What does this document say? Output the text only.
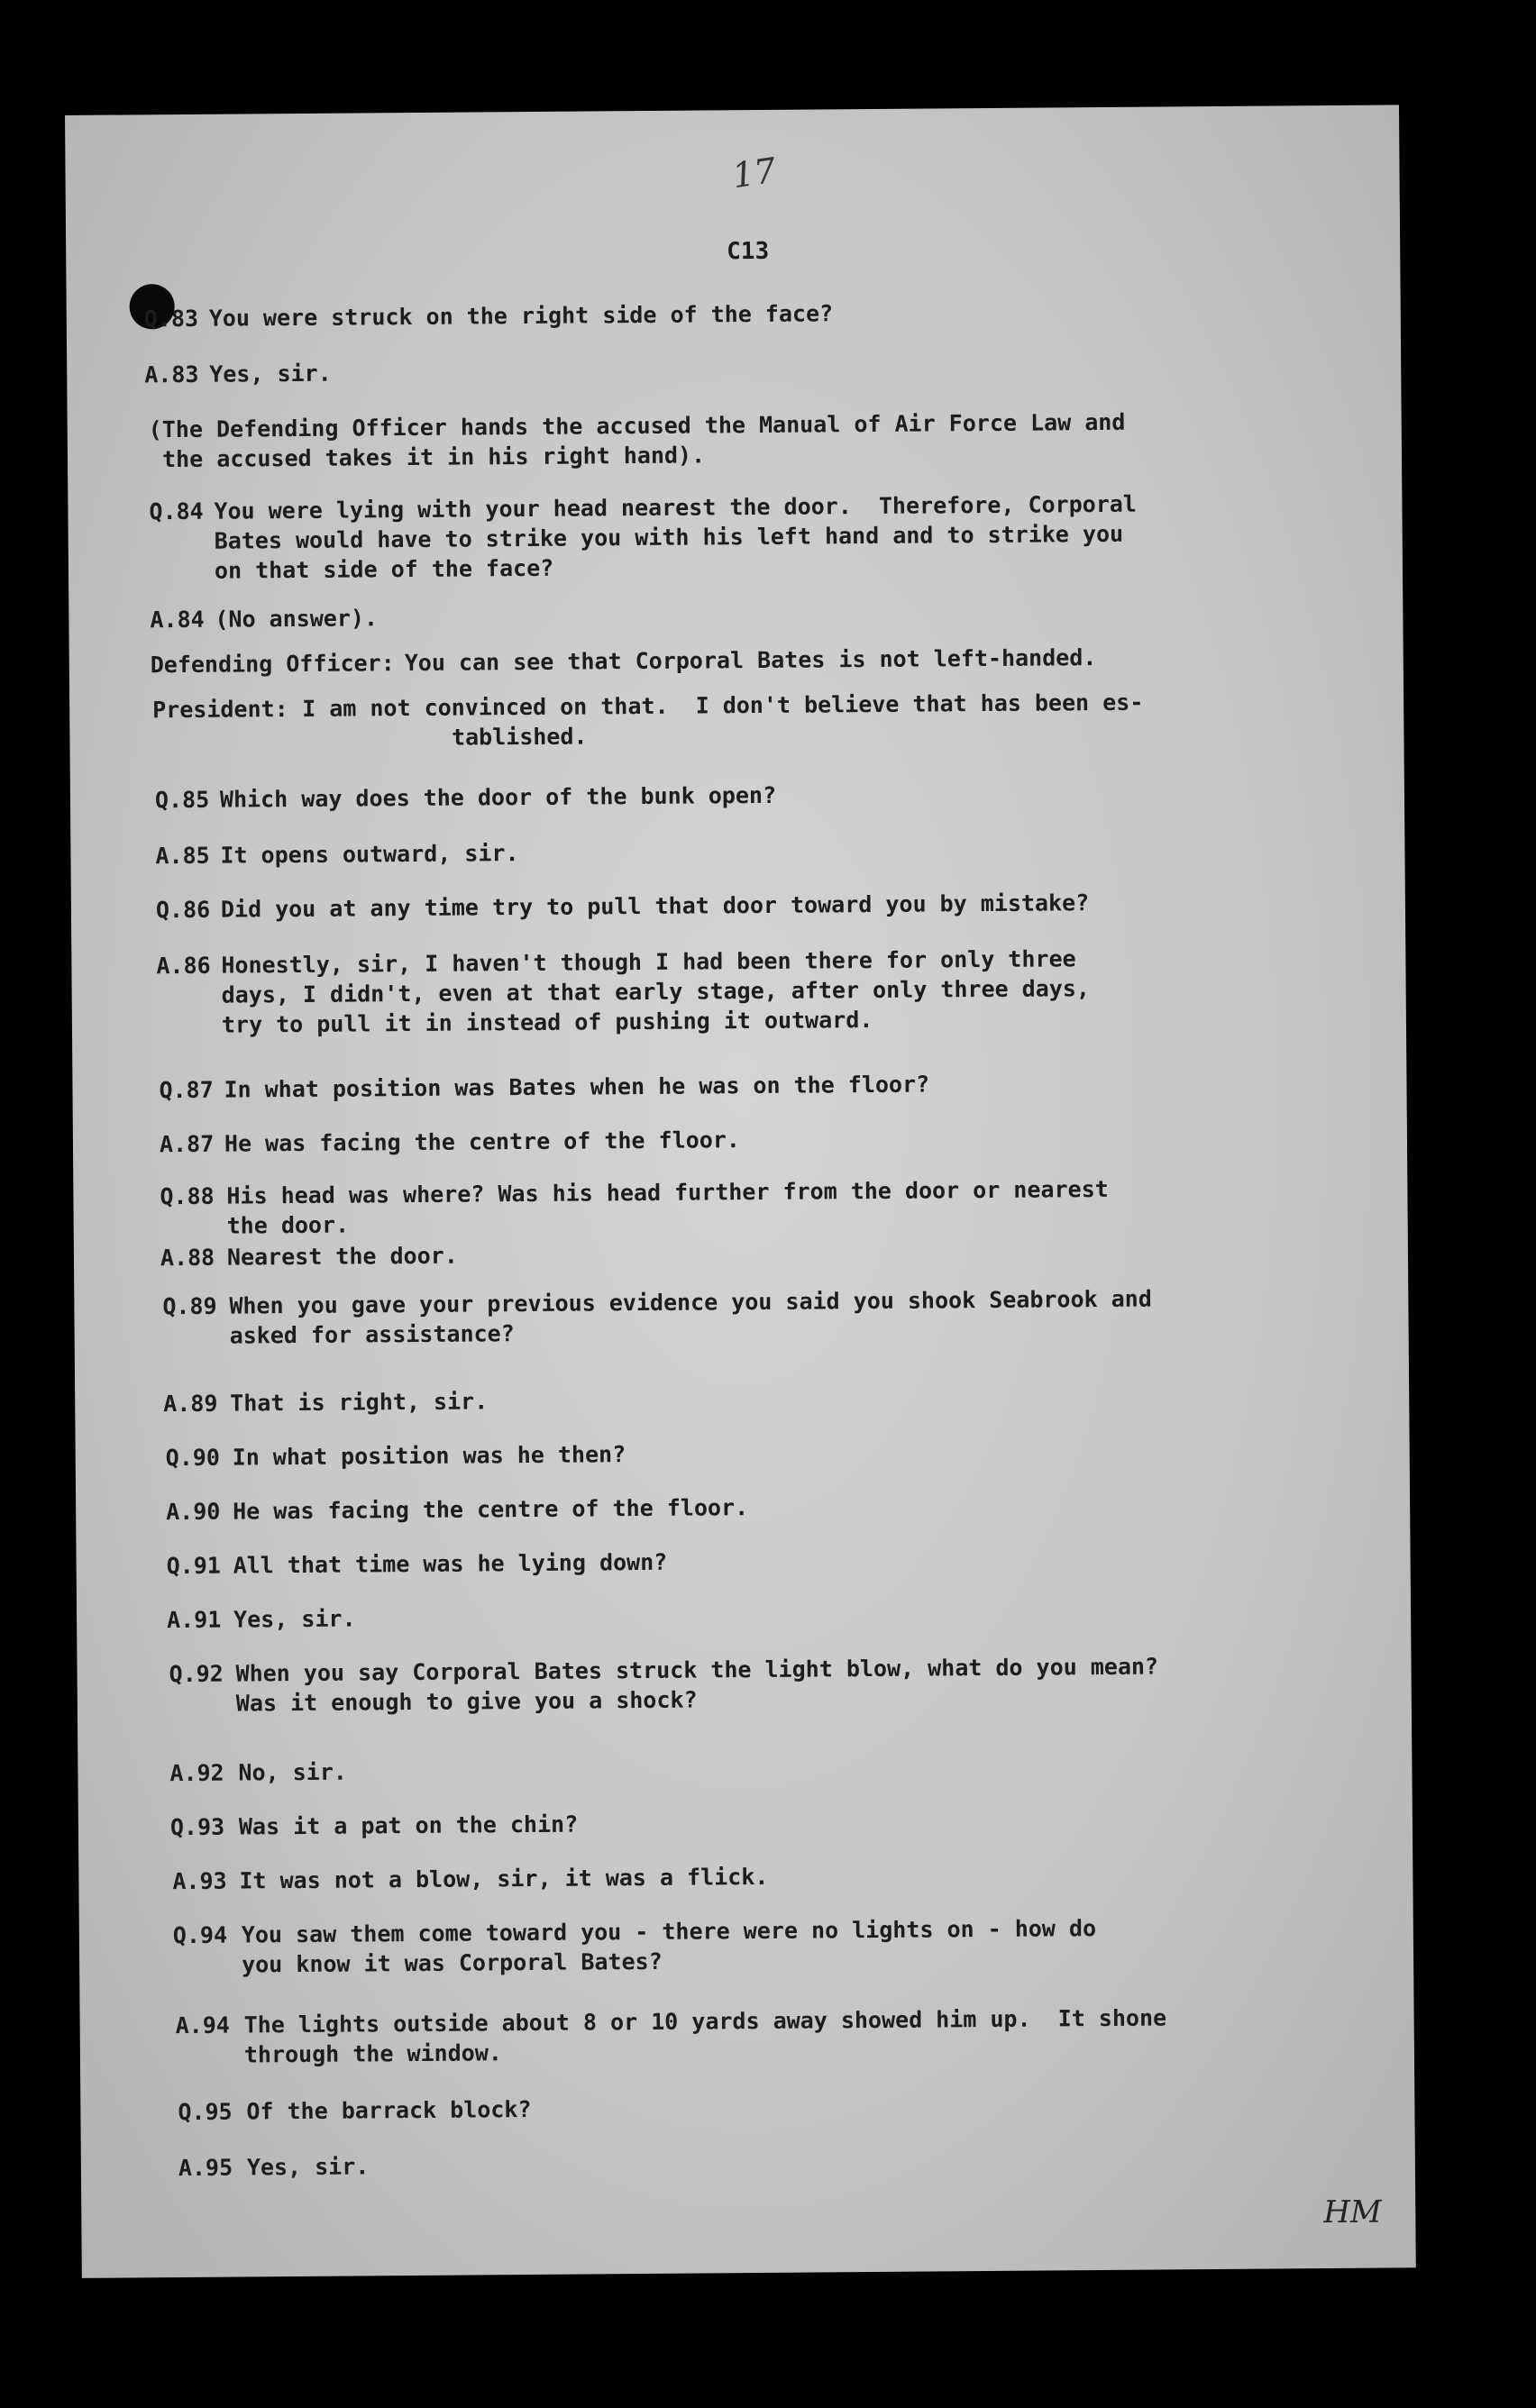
17
C13
Q.83 You were struck on the right side of the face?
A.83 Yes, sir.
(The Defending Officer hands the accused the Manual of Air Force Law and
the accused takes it in his right hand).
Q.84 You were lying with your head nearest the door.  Therefore, Corporal
Bates would have to strike you with his left hand and to strike you
on that side of the face?
A.84 (No answer).
Defending Officer: You can see that Corporal Bates is not left-handed.
President: I am not convinced on that.  I don't believe that has been es-
tablished.
Q.85 Which way does the door of the bunk open?
A.85 It opens outward, sir.
Q.86 Did you at any time try to pull that door toward you by mistake?
A.86 Honestly, sir, I haven't though I had been there for only three
days, I didn't, even at that early stage, after only three days,
try to pull it in instead of pushing it outward.
Q.87 In what position was Bates when he was on the floor?
A.87 He was facing the centre of the floor.
Q.88 His head was where? Was his head further from the door or nearest
the door.
A.88 Nearest the door.
Q.89 When you gave your previous evidence you said you shook Seabrook and
asked for assistance?
A.89 That is right, sir.
Q.90 In what position was he then?
A.90 He was facing the centre of the floor.
Q.91 All that time was he lying down?
A.91 Yes, sir.
Q.92 When you say Corporal Bates struck the light blow, what do you mean?
Was it enough to give you a shock?
A.92 No, sir.
Q.93 Was it a pat on the chin?
A.93 It was not a blow, sir, it was a flick.
Q.94 You saw them come toward you - there were no lights on - how do
you know it was Corporal Bates?
A.94 The lights outside about 8 or 10 yards away showed him up.  It shone
through the window.
Q.95 Of the barrack block?
A.95 Yes, sir.
HM
